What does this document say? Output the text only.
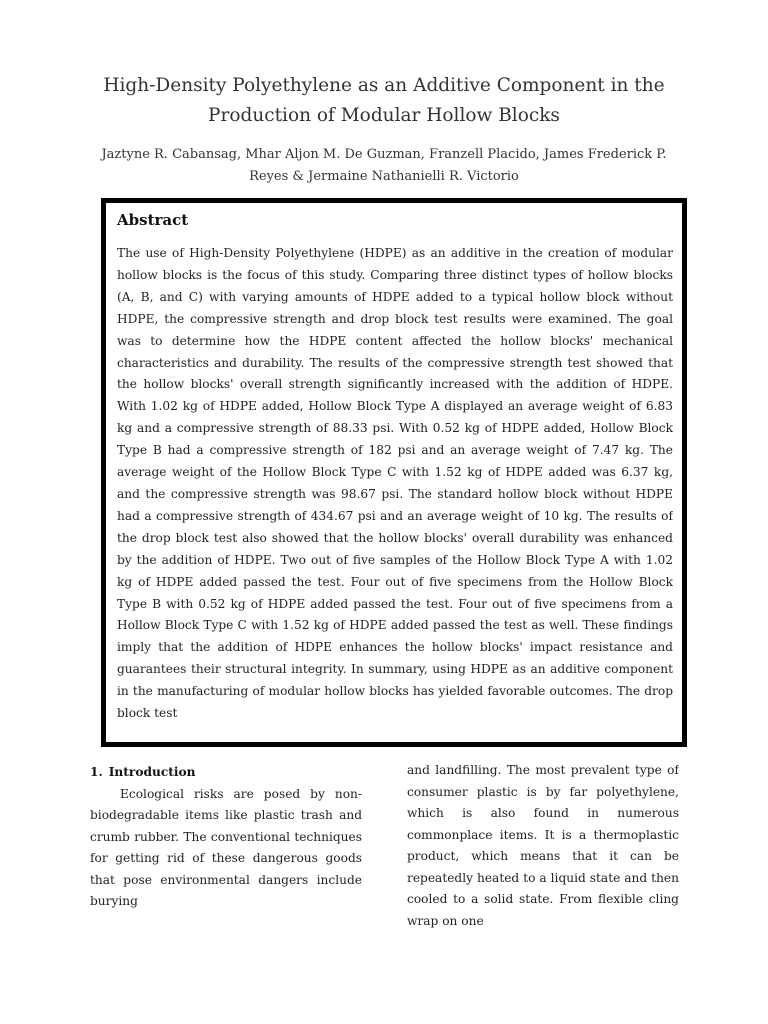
High-Density Polyethylene as an Additive Component in the Production of Modular Hollow Blocks
Jaztyne R. Cabansag, Mhar Aljon M. De Guzman, Franzell Placido, James Frederick P. Reyes & Jermaine Nathanielli R. Victorio
Abstract
The use of High-Density Polyethylene (HDPE) as an additive in the creation of modular hollow blocks is the focus of this study. Comparing three distinct types of hollow blocks (A, B, and C) with varying amounts of HDPE added to a typical hollow block without HDPE, the compressive strength and drop block test results were examined. The goal was to determine how the HDPE content affected the hollow blocks' mechanical characteristics and durability. The results of the compressive strength test showed that the hollow blocks' overall strength significantly increased with the addition of HDPE. With 1.02 kg of HDPE added, Hollow Block Type A displayed an average weight of 6.83 kg and a compressive strength of 88.33 psi. With 0.52 kg of HDPE added, Hollow Block Type B had a compressive strength of 182 psi and an average weight of 7.47 kg. The average weight of the Hollow Block Type C with 1.52 kg of HDPE added was 6.37 kg, and the compressive strength was 98.67 psi. The standard hollow block without HDPE had a compressive strength of 434.67 psi and an average weight of 10 kg. The results of the drop block test also showed that the hollow blocks' overall durability was enhanced by the addition of HDPE. Two out of five samples of the Hollow Block Type A with 1.02 kg of HDPE added passed the test. Four out of five specimens from the Hollow Block Type B with 0.52 kg of HDPE added passed the test. Four out of five specimens from a Hollow Block Type C with 1.52 kg of HDPE added passed the test as well. These findings imply that the addition of HDPE enhances the hollow blocks' impact resistance and guarantees their structural integrity. In summary, using HDPE as an additive component in the manufacturing of modular hollow blocks has yielded favorable outcomes. The drop block test
1. Introduction

Ecological risks are posed by non-biodegradable items like plastic trash and crumb rubber. The conventional techniques for getting rid of these dangerous goods that pose environmental dangers include burying

and landfilling. The most prevalent type of consumer plastic is by far polyethylene, which is also found in numerous commonplace items. It is a thermoplastic product, which means that it can be repeatedly heated to a liquid state and then cooled to a solid state. From flexible cling wrap on one
